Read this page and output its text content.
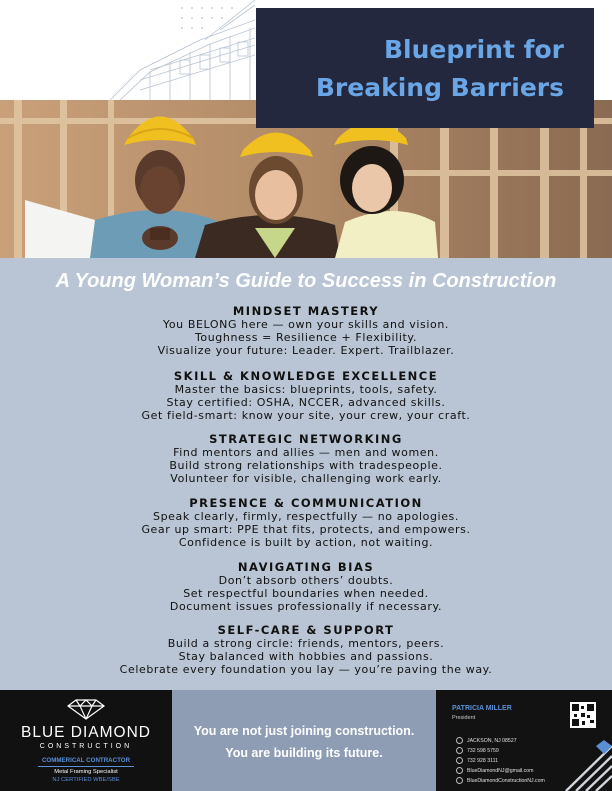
Blueprint for
Breaking Barriers
A Young Woman’s Guide to Success in Construction
MINDSET MASTERY

You BELONG here — own your skills and vision.

Toughness = Resilience + Flexibility.

Visualize your future: Leader. Expert. Trailblazer.

SKILL & KNOWLEDGE EXCELLENCE

Master the basics: blueprints, tools, safety.

Stay certified: OSHA, NCCER, advanced skills.

Get field-smart: know your site, your crew, your craft.

STRATEGIC NETWORKING

Find mentors and allies — men and women.

Build strong relationships with tradespeople.

Volunteer for visible, challenging work early.

PRESENCE & COMMUNICATION

Speak clearly, firmly, respectfully — no apologies.

Gear up smart: PPE that fits, protects, and empowers.

Confidence is built by action, not waiting.

NAVIGATING BIAS

Don’t absorb others’ doubts.

Set respectful boundaries when needed.

Document issues professionally if necessary.

SELF-CARE & SUPPORT

Build a strong circle: friends, mentors, peers.

Stay balanced with hobbies and passions.

Celebrate every foundation you lay — you’re paving the way.

BLUE DIAMOND
CONSTRUCTION
COMMERICAL CONTRACTOR
Metal Framing Specialist
NJ CERTIFIED WBE/SBE
You are not just joining construction.
You are building its future.
PATRICIA MILLER
President
JACKSON, NJ 08527
732 598 5759
732 928 3111
BlueDiamondNJ@gmail.com
BlueDiamondConstructionNJ.com
